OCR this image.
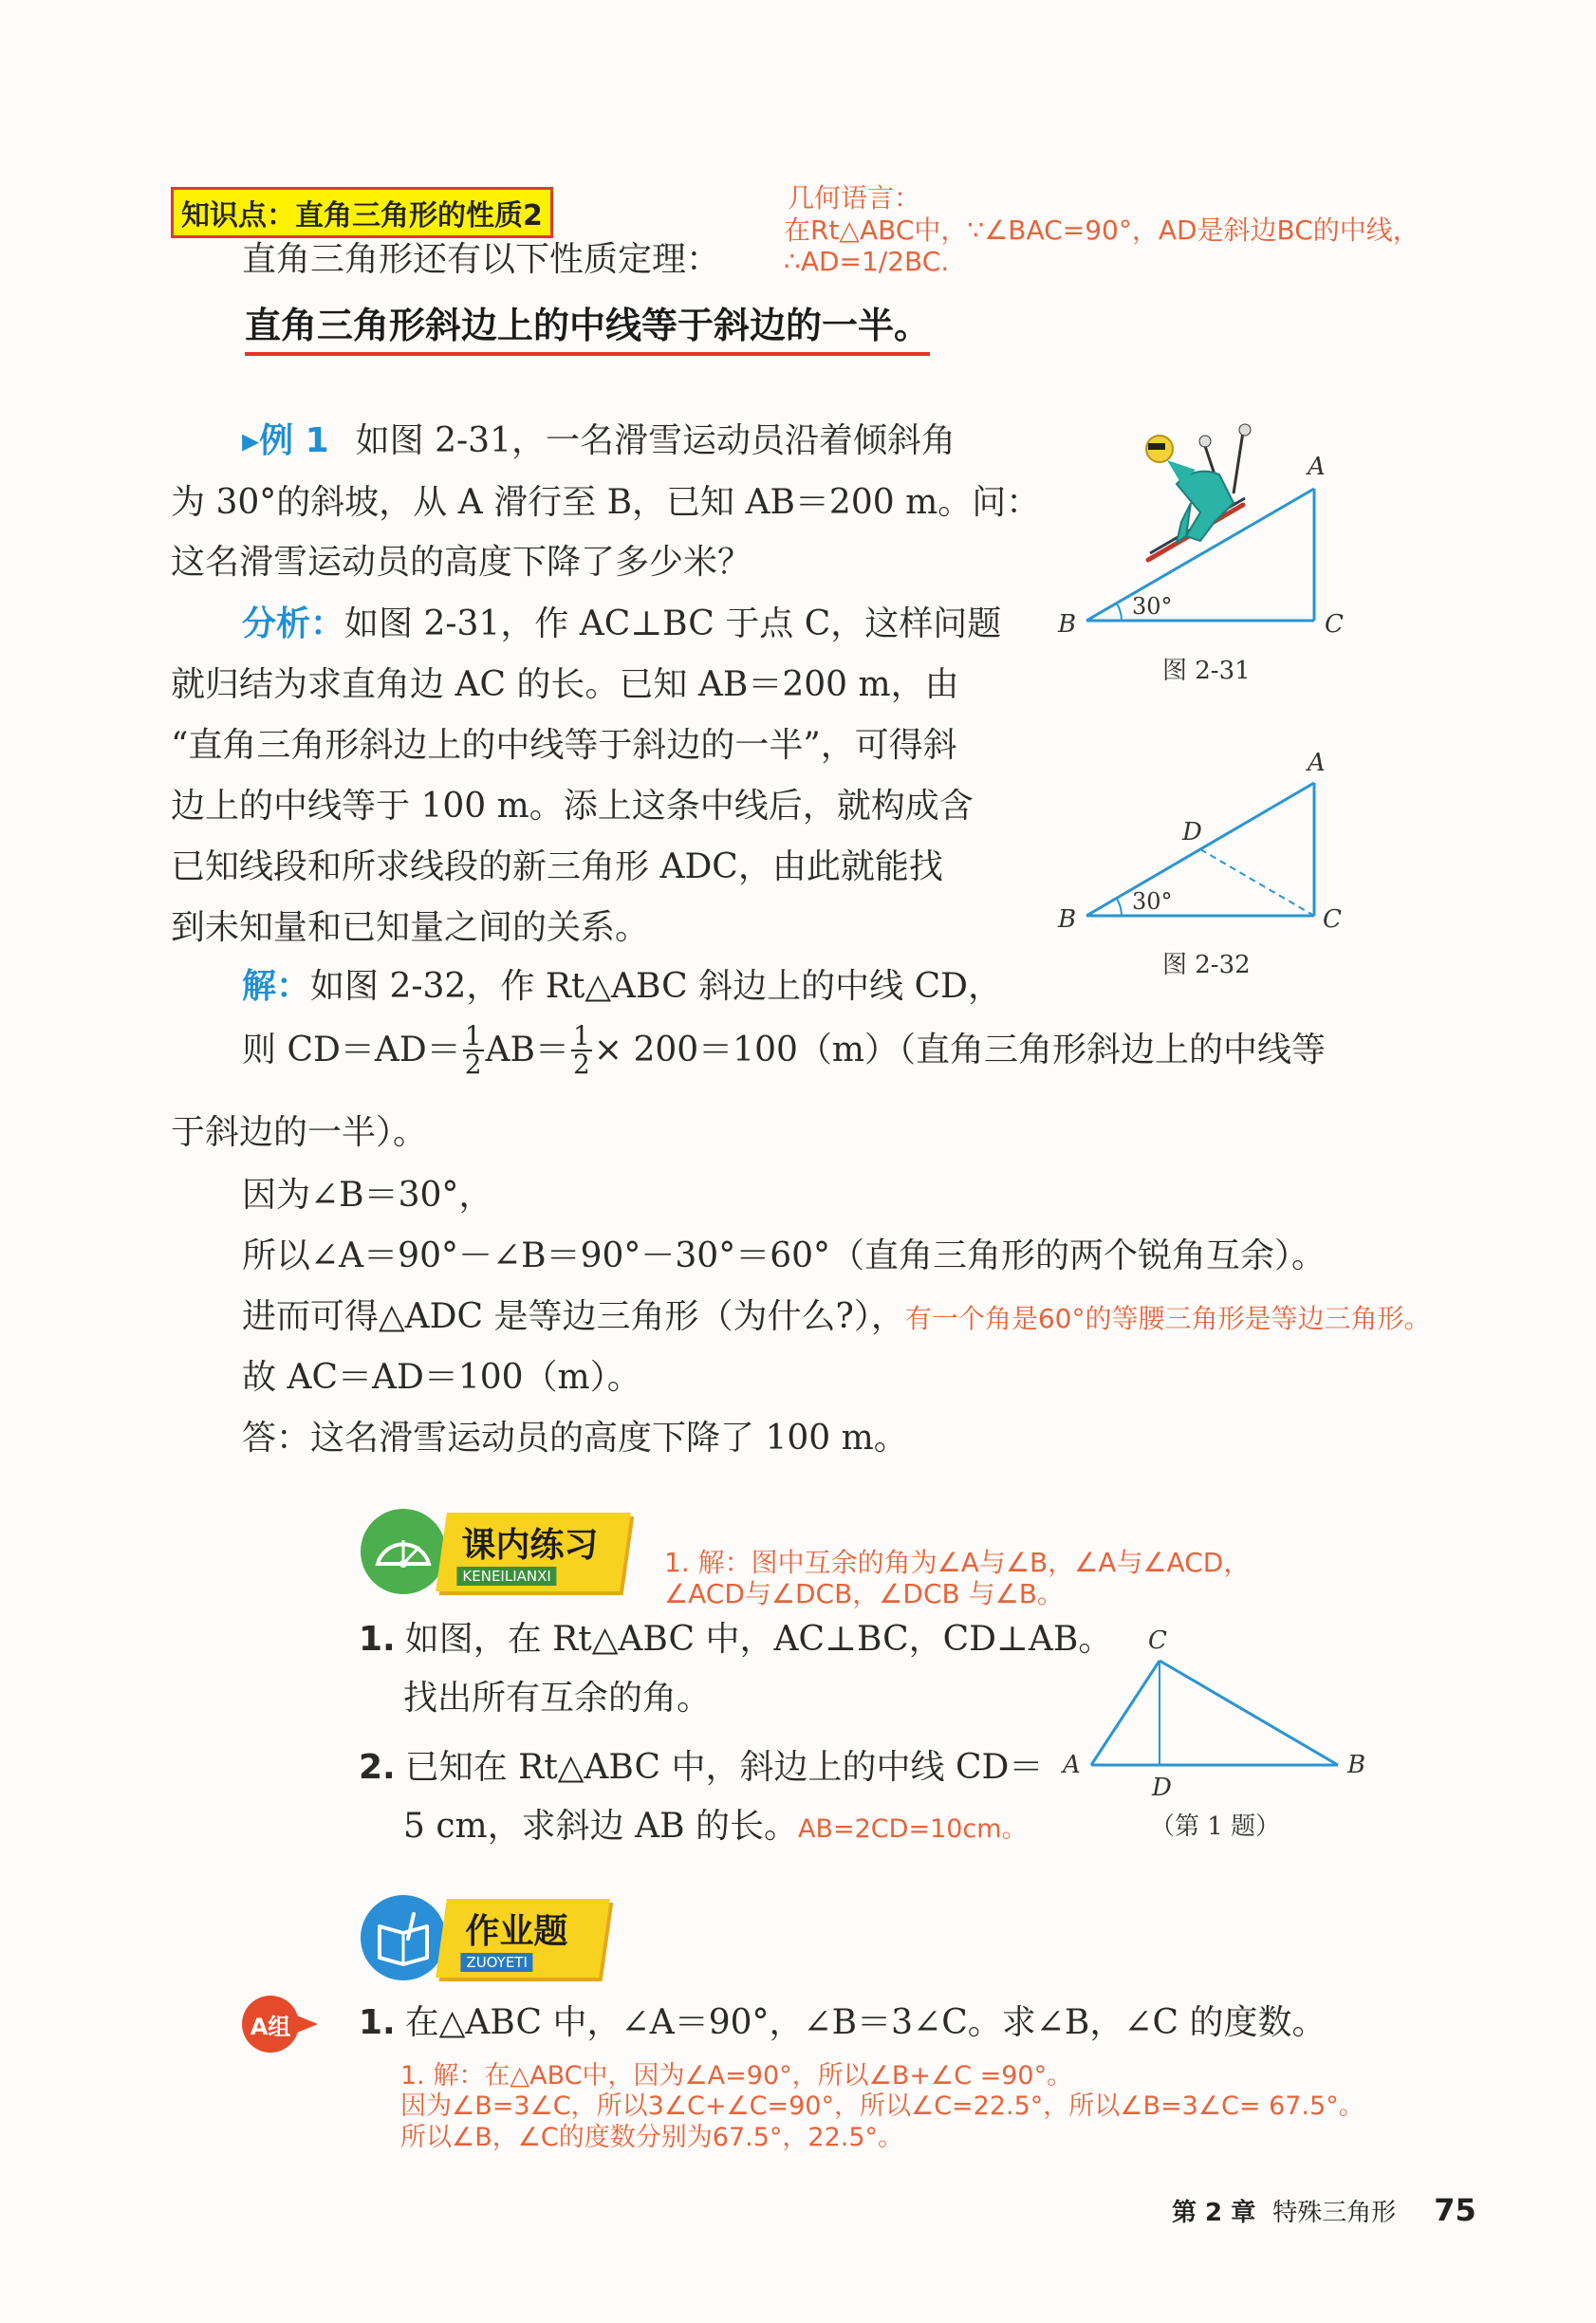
知识点：直角三角形的性质2
几何语言：
在Rt△ABC中，∵∠BAC=90°，AD是斜边BC的中线，
∴AD=1/2BC.
直角三角形还有以下性质定理：
直角三角形斜边上的中线等于斜边的一半。
▸例 1 如图 2-31，一名滑雪运动员沿着倾斜角
为 30°的斜坡，从 A 滑行至 B，已知 AB＝200 m。问：
这名滑雪运动员的高度下降了多少米？
分析：如图 2-31，作 AC⊥BC 于点 C，这样问题
就归结为求直角边 AC 的长。已知 AB＝200 m，由
“直角三角形斜边上的中线等于斜边的一半”，可得斜
边上的中线等于 100 m。添上这条中线后，就构成含
已知线段和所求线段的新三角形 ADC，由此就能找
到未知量和已知量之间的关系。
解：如图 2-32，作 Rt△ABC 斜边上的中线 CD，
则 $CD=AD= \frac{1}{2} AB= \frac{1}{2} \times 200=100(m)$（直角三角形斜边上的中线等
于斜边的一半）。
因为∠B＝30°，
所以∠A＝90°－∠B＝90°－30°＝60°（直角三角形的两个锐角互余）。
进而可得△ADC 是等边三角形（为什么?），有一个角是60°的等腰三角形是等边三角形。
故 AC＝AD＝100（m）。
答：这名滑雪运动员的高度下降了 100 m。
30°
A
B	C
图 2-31
30°
A
B	C
D
图 2-32
课内练习
KENEILIANXI	1. 解：图中互余的角为∠A与∠B，∠A与∠ACD，
∠ACD与∠DCB，∠DCB 与∠B。
1. 如图，在 Rt△ABC 中，AC⊥BC，CD⊥AB。
找出所有互余的角。
2. 已知在 Rt△ABC 中，斜边上的中线 CD＝
5 cm，求斜边 AB 的长。AB=2CD=10cm。
C
A	B
D
（第 1 题）
作业题
ZUOYETI
A组 1. 在△ABC 中，∠A＝90°，∠B＝3∠C。求∠B，∠C 的度数。
1. 解：在△ABC中，因为∠A=90°，所以∠B+∠C =90°。
因为∠B=3∠C，所以3∠C+∠C=90°，所以∠C=22.5°，所以∠B=3∠C= 67.5°。
所以∠B，∠C的度数分别为67.5°，22.5°。
第 2 章 特殊三角形 75
